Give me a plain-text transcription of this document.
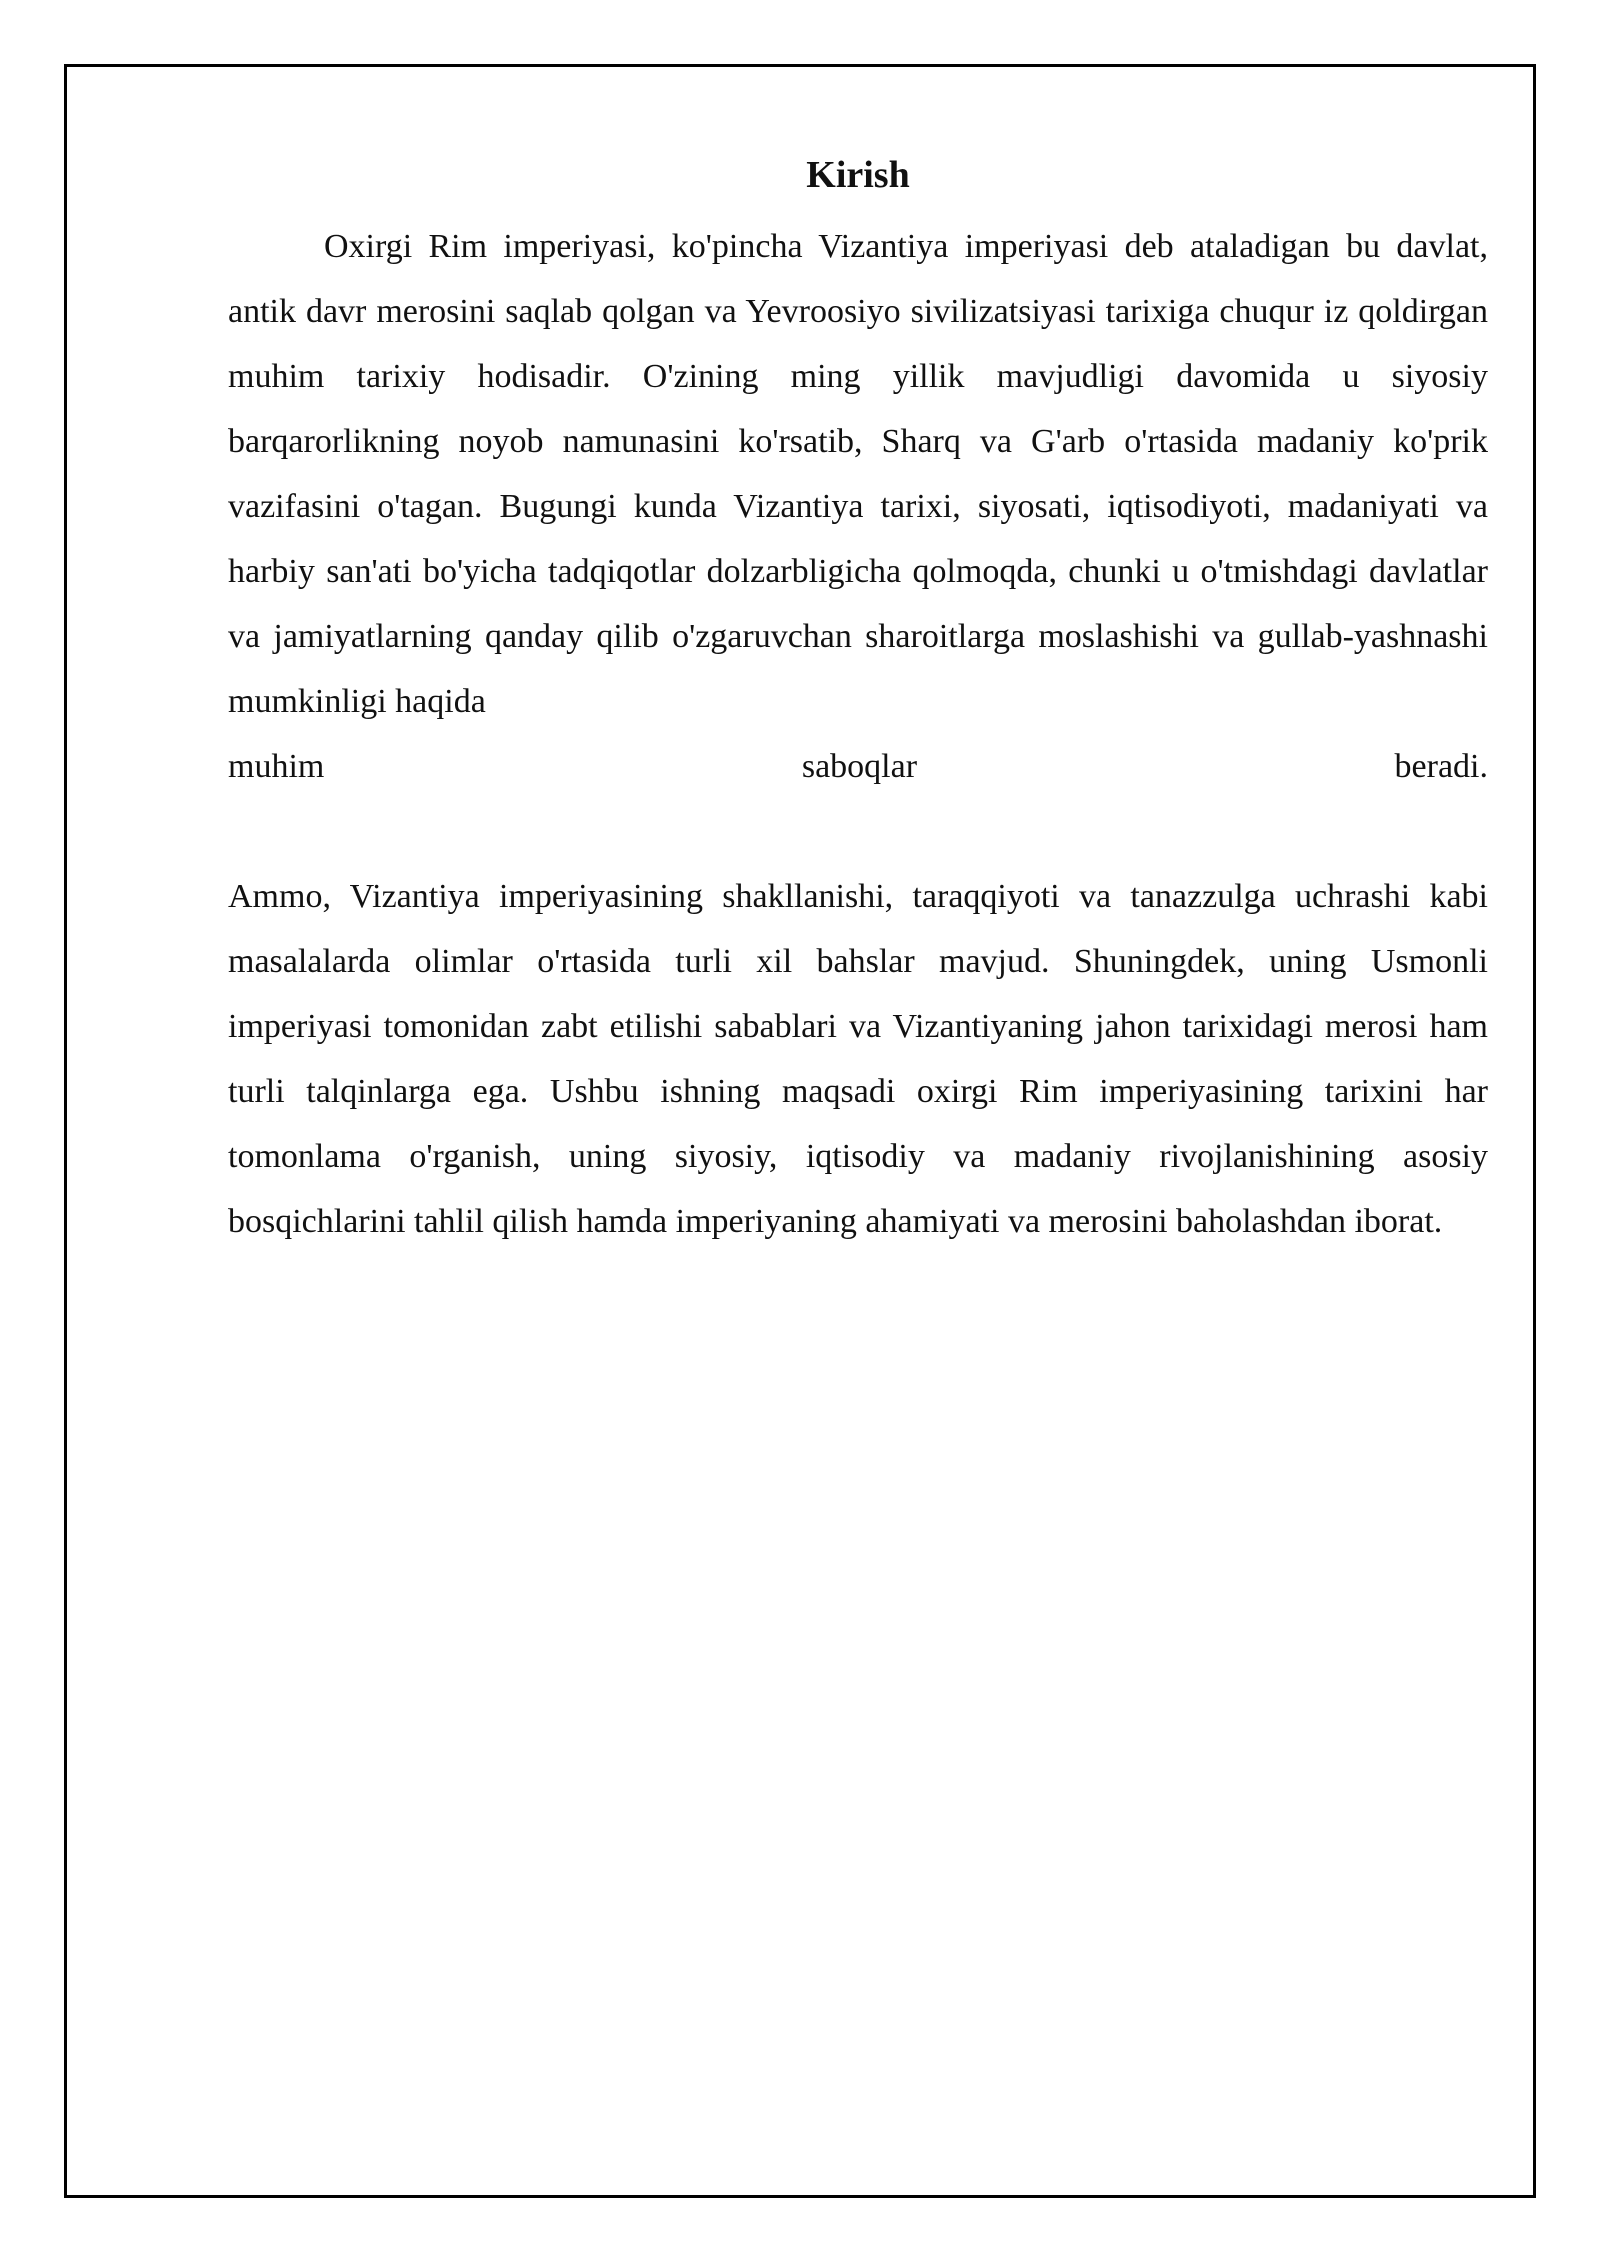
Kirish

Oxirgi Rim imperiyasi, ko'pincha Vizantiya imperiyasi deb ataladigan bu davlat, antik davr merosini saqlab qolgan va Yevroosiyo sivilizatsiyasi tarixiga chuqur iz qoldirgan muhim tarixiy hodisadir. O'zining ming yillik mavjudligi davomida u siyosiy barqarorlikning noyob namunasini ko'rsatib, Sharq va G'arb o'rtasida madaniy ko'prik vazifasini o'tagan. Bugungi kunda Vizantiya tarixi, siyosati, iqtisodiyoti, madaniyati va harbiy san'ati bo'yicha tadqiqotlar dolzarbligicha qolmoqda, chunki u o'tmishdagi davlatlar va jamiyatlarning qanday qilib o'zgaruvchan sharoitlarga moslashishi va gullab-yashnashi mumkinligi haqida

muhim saboqlar beradi.

Ammo, Vizantiya imperiyasining shakllanishi, taraqqiyoti va tanazzulga uchrashi kabi masalalarda olimlar o'rtasida turli xil bahslar mavjud. Shuningdek, uning Usmonli imperiyasi tomonidan zabt etilishi sabablari va Vizantiyaning jahon tarixidagi merosi ham turli talqinlarga ega. Ushbu ishning maqsadi oxirgi Rim imperiyasining tarixini har tomonlama o'rganish, uning siyosiy, iqtisodiy va madaniy rivojlanishining asosiy bosqichlarini tahlil qilish hamda imperiyaning ahamiyati va merosini baholashdan iborat.
